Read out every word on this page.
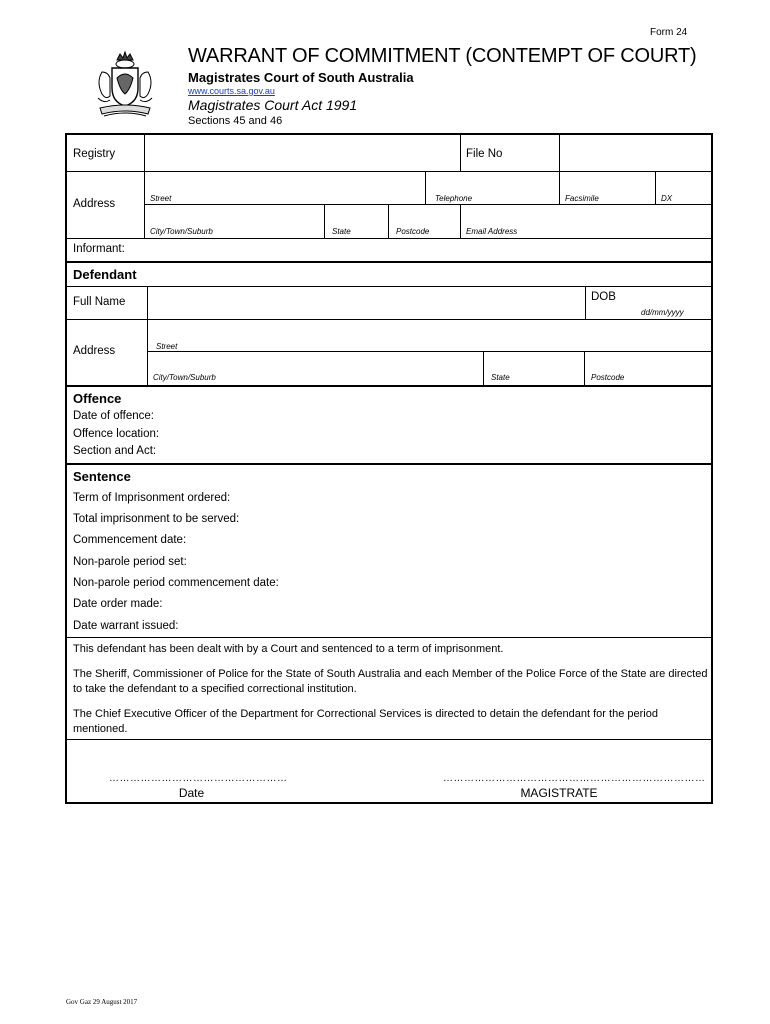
Form 24
WARRANT OF COMMITMENT (CONTEMPT OF COURT)
Magistrates Court of South Australia
www.courts.sa.gov.au
Magistrates Court Act 1991
Sections 45 and 46
Registry	File No
Address	Street	Telephone	Facsimile	DX
City/Town/Suburb	State	Postcode	Email Address
Informant:
Defendant
Full Name	DOB
dd/mm/yyyy
Address	Street
City/Town/Suburb	State	Postcode
Offence
Date of offence:
Offence location:
Section and Act:
Sentence
Term of Imprisonment ordered:
Total imprisonment to be served:
Commencement date:
Non-parole period set:
Non-parole period commencement date:
Date order made:
Date warrant issued:
This defendant has been dealt with by a Court and sentenced to a term of imprisonment.
The Sheriff, Commissioner of Police for the State of South Australia and each Member of the Police Force of the State are directed to take the defendant to a specified correctional institution.
The Chief Executive Officer of the Department for Correctional Services is directed to detain the defendant for the period mentioned.
……………………………………………
Date
…………………………………………………………………
MAGISTRATE
Gov Gaz 29 August 2017
